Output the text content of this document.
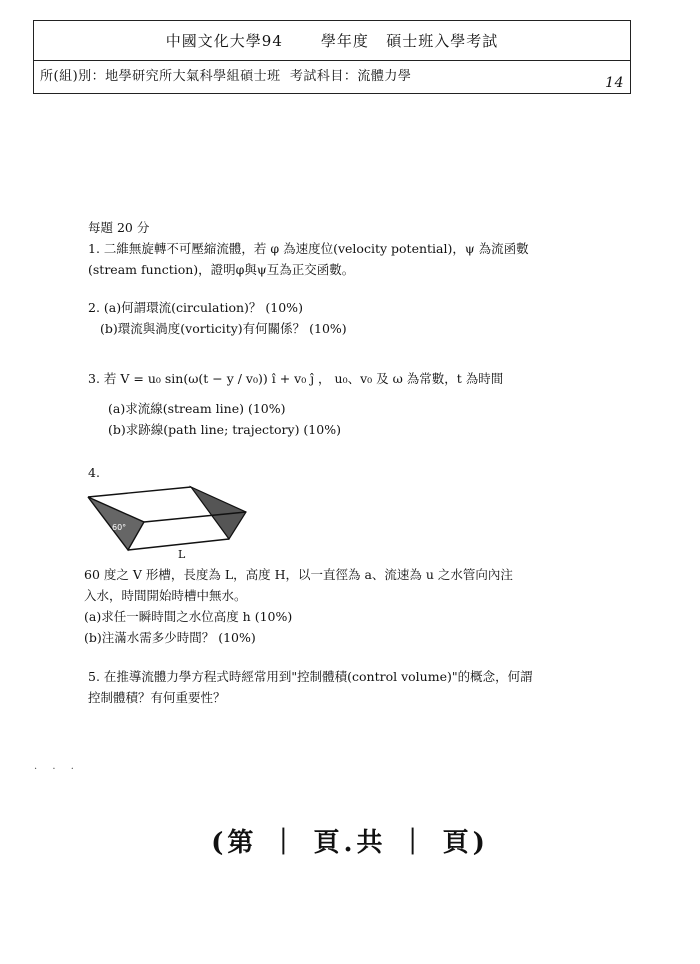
中國文化大學94	學年度 碩士班入學考試
所(組)別：地學研究所大氣科學組碩士班 考試科目：流體力學	14
每題 20 分
1. 二維無旋轉不可壓縮流體，若 φ 為速度位(velocity potential)，ψ 為流函數
(stream function)，證明φ與ψ互為正交函數。
2. (a)何謂環流(circulation)？ (10%)
(b)環流與渦度(vorticity)有何關係？ (10%)
3. 若 V = u₀ sin(ω(t − y / v₀)) î + v₀ ĵ ， u₀、v₀ 及 ω 為常數，t 為時間
(a)求流線(stream line) (10%)
(b)求跡線(path line; trajectory) (10%)
4.
60°
L
60 度之 V 形槽，長度為 L，高度 H，以一直徑為 a、流速為 u 之水管向內注
入水，時間開始時槽中無水。
(a)求任一瞬時間之水位高度 h (10%)
(b)注滿水需多少時間？ (10%)
5. 在推導流體力學方程式時經常用到"控制體積(control volume)"的概念，何謂
控制體積？有何重要性？
· · ·
(第 ｜ 頁.共 ｜ 頁)
